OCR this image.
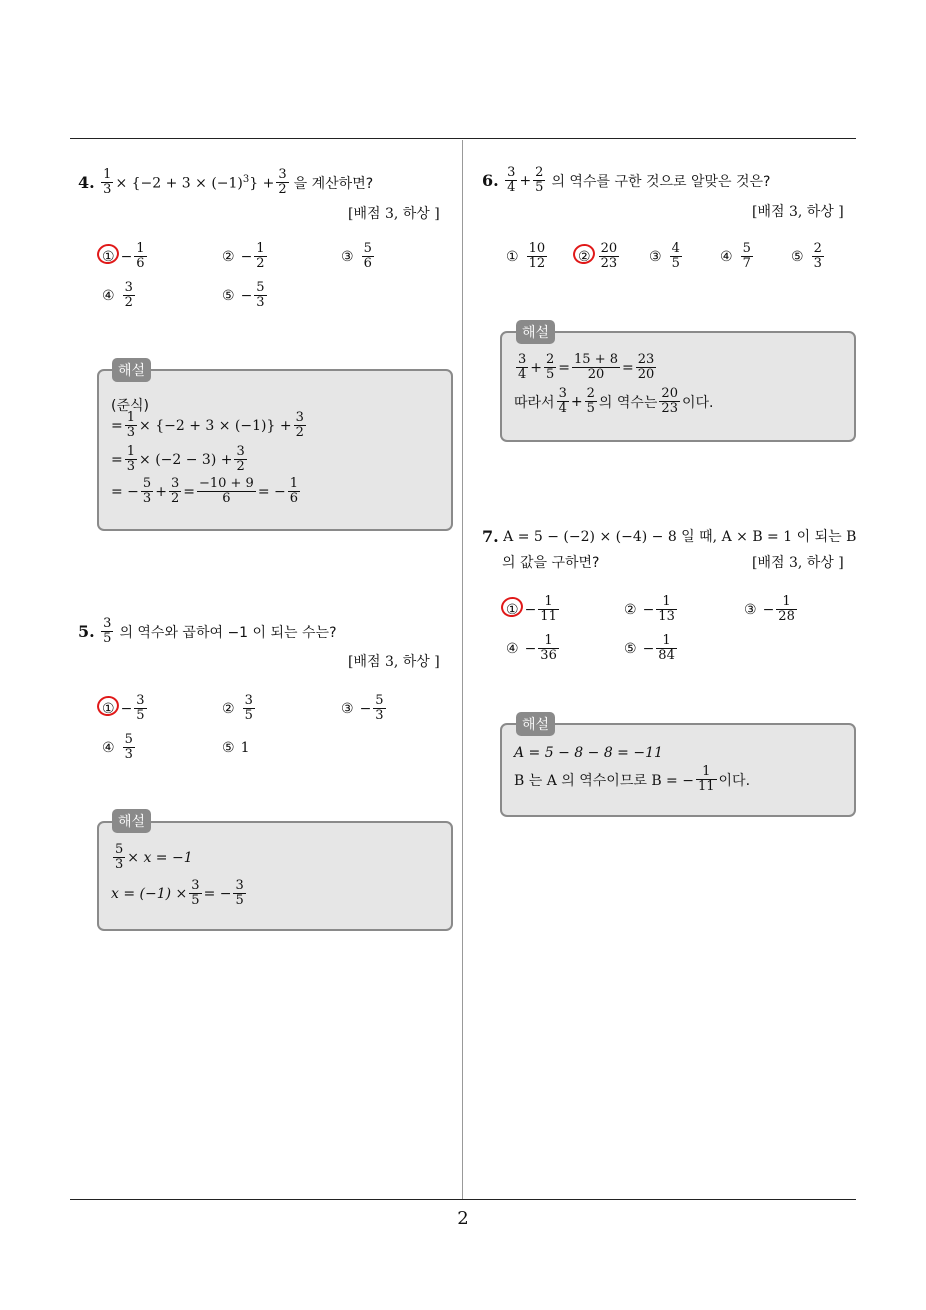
2
4.
$\frac{1}{3} \times \{-2 + 3 \times (-1)^3\} + \frac{3}{2}$ 을 계산하면?
[배점 3, 하상 ]
① − $\frac{1}{6}$	② − $\frac{1}{2}$	③ $\frac{5}{6}$
④ $\frac{3}{2}$	⑤ − $\frac{5}{3}$
(준식)
= $\frac{1}{3} \times \{-2 + 3 \times (-1)\} + \frac{3}{2}$
= $\frac{1}{3} \times (-2 - 3) + \frac{3}{2}$
= − $\frac{5}{3} + \frac{3}{2} = \frac{-10 + 9}{6}$ = − $\frac{1}{6}$
해설
5.
$\frac{3}{5}$ 의 역수와 곱하여 −1 이 되는 수는?
[배점 3, 하상 ]
① − $\frac{3}{5}$	② $\frac{3}{5}$	③ − $\frac{5}{3}$
④ $\frac{5}{3}$	⑤ 1
$\frac{5}{3} \times x = -1$
$x = (-1) \times \frac{3}{5}$ = − $\frac{3}{5}$
해설
6.
$\frac{3}{4} + \frac{2}{5}$ 의 역수를 구한 것으로 알맞은 것은?
[배점 3, 하상 ]
① $\frac{10}{12}$ ② $\frac{20}{23}$ ③ $\frac{4}{5}$	④ $\frac{5}{7}$	⑤ $\frac{2}{3}$
$\frac{3}{4} + \frac{2}{5} = \frac{15 + 8}{20} = \frac{23}{20}$
따라서 $\frac{3}{4} + \frac{2}{5}$ 의 역수는 $\frac{20}{23}$ 이다.
해설
7.
A = 5 − (−2) × (−4) − 8 일 때, A × B = 1 이 되는 B
의 값을 구하면?	[배점 3, 하상 ]
① − $\frac{1}{11}$	② − $\frac{1}{13}$	③ − $\frac{1}{28}$
④ − $\frac{1}{36}$	⑤ − $\frac{1}{84}$
A = 5 − 8 − 8 = −11
B 는 A 의 역수이므로 B = − $\frac{1}{11}$ 이다.
해설
